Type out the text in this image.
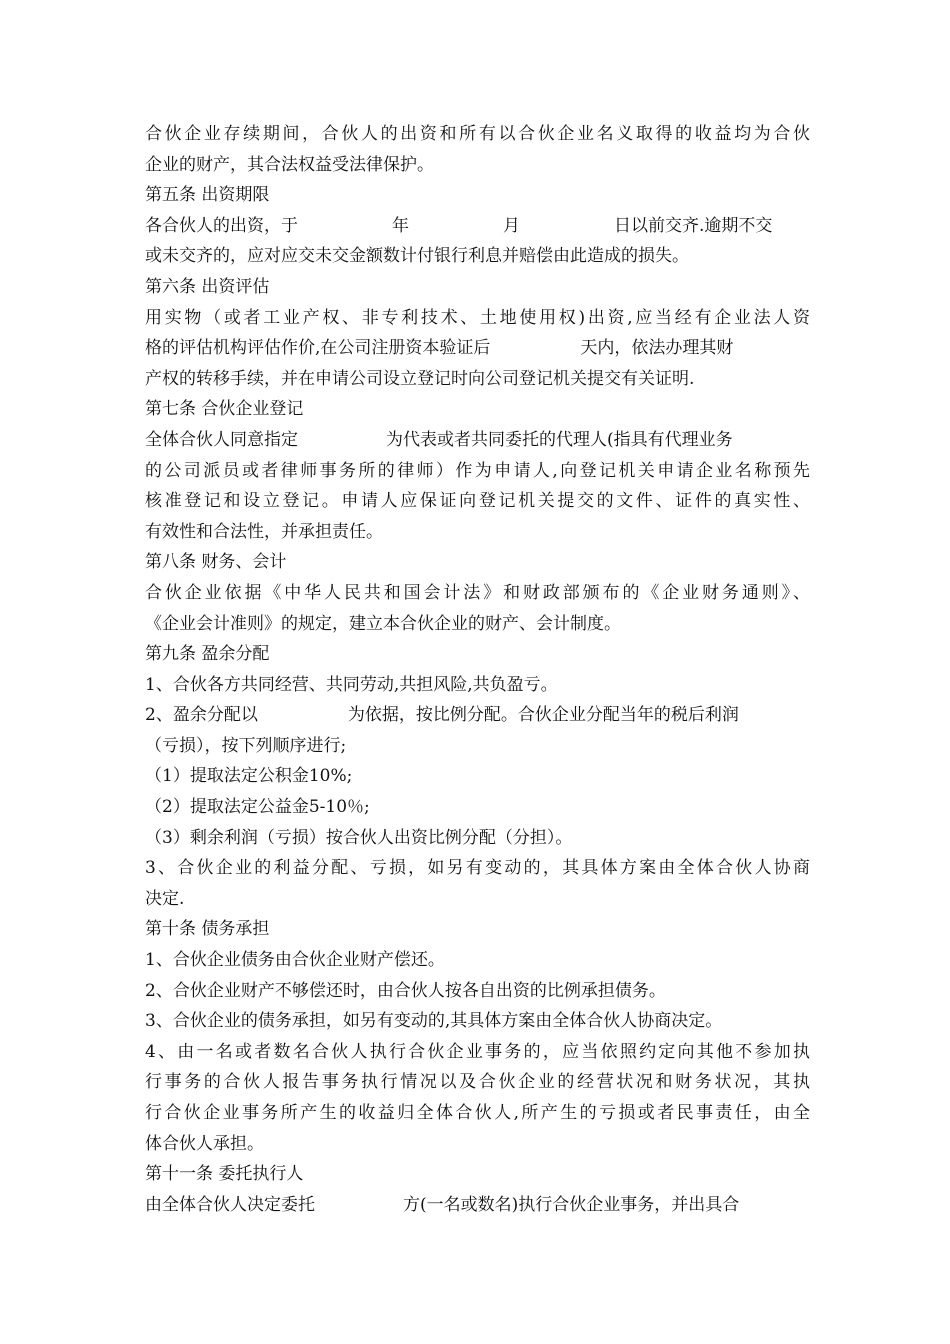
合伙企业存续期间，合伙人的出资和所有以合伙企业名义取得的收益均为合伙
企业的财产，其合法权益受法律保护。
第五条 出资期限
各合伙人的出资，于	年	月	日以前交齐.逾期不交
或未交齐的，应对应交未交金额数计付银行利息并赔偿由此造成的损失。
第六条 出资评估
用实物（或者工业产权、非专利技术、土地使用权)出资,应当经有企业法人资
格的评估机构评估作价,在公司注册资本验证后	天内，依法办理其财
产权的转移手续，并在申请公司设立登记时向公司登记机关提交有关证明.
第七条 合伙企业登记
全体合伙人同意指定	为代表或者共同委托的代理人(指具有代理业务
的公司派员或者律师事务所的律师）作为申请人,向登记机关申请企业名称预先
核准登记和设立登记。申请人应保证向登记机关提交的文件、证件的真实性、
有效性和合法性，并承担责任。
第八条 财务、会计
合伙企业依据《中华人民共和国会计法》和财政部颁布的《企业财务通则》、
《企业会计准则》的规定，建立本合伙企业的财产、会计制度。
第九条 盈余分配
1、合伙各方共同经营、共同劳动,共担风险,共负盈亏。
2、盈余分配以	为依据，按比例分配。合伙企业分配当年的税后利润
（亏损），按下列顺序进行;
（1）提取法定公积金10%;
（2）提取法定公益金5-10％;
（3）剩余利润（亏损）按合伙人出资比例分配（分担）。
3、合伙企业的利益分配、亏损，如另有变动的，其具体方案由全体合伙人协商
决定.
第十条 债务承担
1、合伙企业债务由合伙企业财产偿还。
2、合伙企业财产不够偿还时，由合伙人按各自出资的比例承担债务。
3、合伙企业的债务承担，如另有变动的,其具体方案由全体合伙人协商决定。
4、由一名或者数名合伙人执行合伙企业事务的，应当依照约定向其他不参加执
行事务的合伙人报告事务执行情况以及合伙企业的经营状况和财务状况，其执
行合伙企业事务所产生的收益归全体合伙人,所产生的亏损或者民事责任，由全
体合伙人承担。
第十一条 委托执行人
由全体合伙人决定委托	方(一名或数名)执行合伙企业事务，并出具合
